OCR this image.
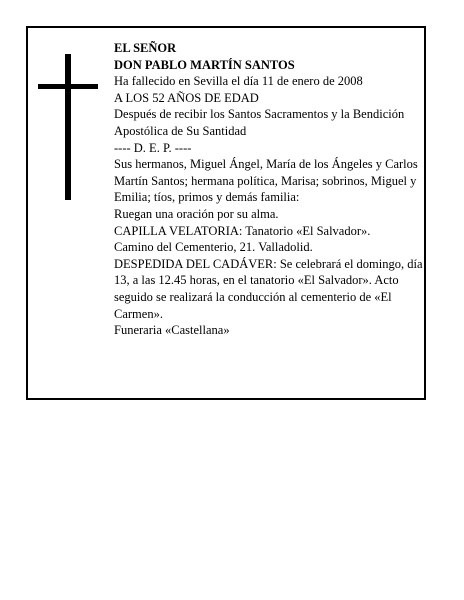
EL SEÑOR

DON PABLO MARTÍN SANTOS

Ha fallecido en Sevilla el día 11 de enero de 2008

A LOS 52 AÑOS DE EDAD

Después de recibir los Santos Sacramentos y la Bendición Apostólica de Su Santidad

---- D. E. P. ----

Sus hermanos, Miguel Ángel, María de los Ángeles y Carlos Martín Santos; hermana política, Marisa; sobrinos, Miguel y Emilia; tíos, primos y demás familia:

Ruegan una oración por su alma.

CAPILLA VELATORIA: Tanatorio «El Salvador».

Camino del Cementerio, 21. Valladolid.

DESPEDIDA DEL CADÁVER: Se celebrará el domingo, día 13, a las 12.45 horas, en el tanatorio «El Salvador». Acto seguido se realizará la conducción al cementerio de «El Carmen».

Funeraria «Castellana»
